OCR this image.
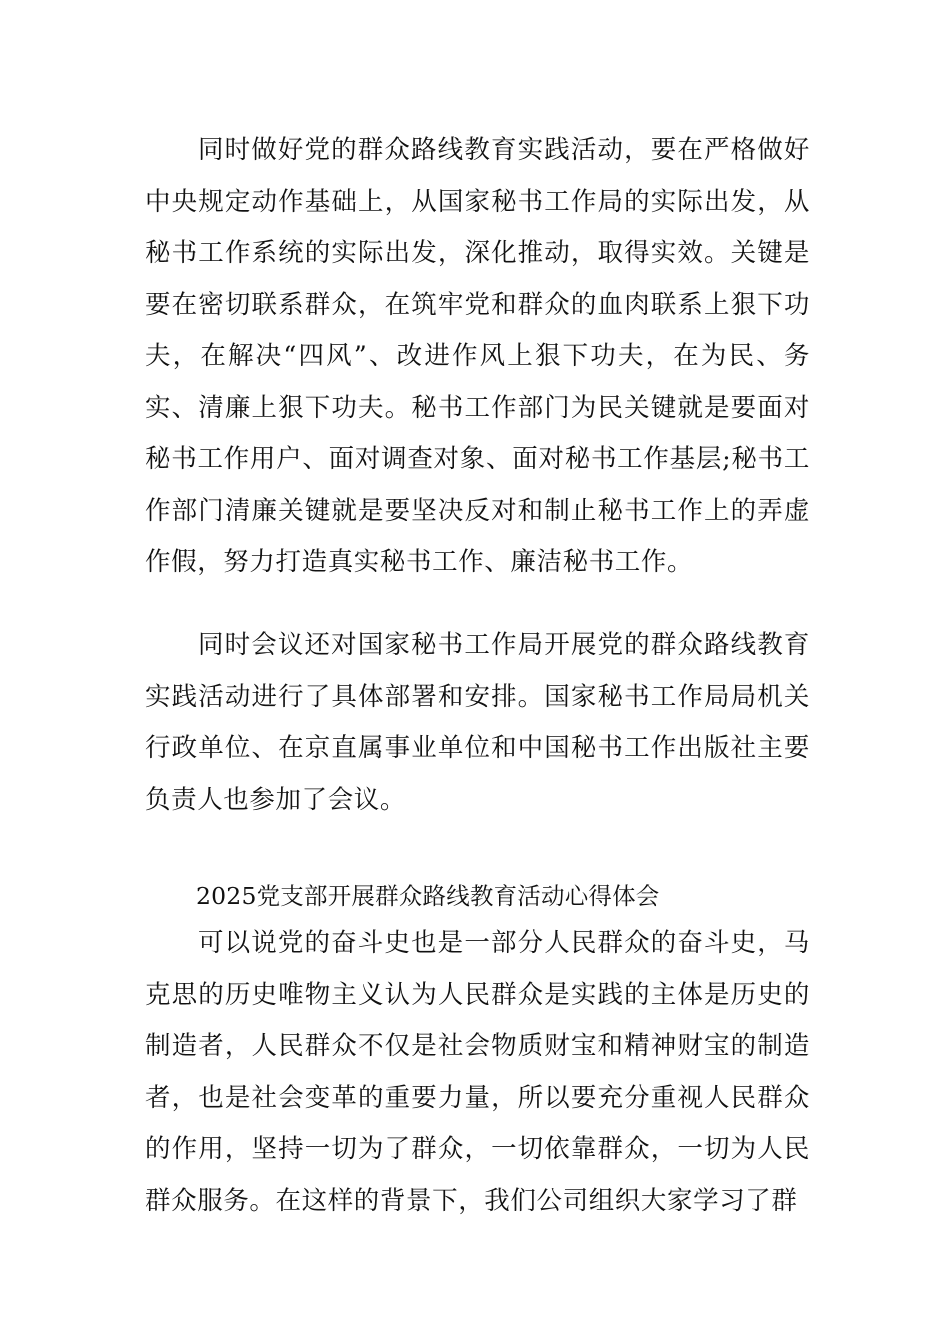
同时做好党的群众路线教育实践活动，要在严格做好中央规定动作基础上，从国家秘书工作局的实际出发，从秘书工作系统的实际出发，深化推动，取得实效。关键是要在密切联系群众，在筑牢党和群众的血肉联系上狠下功夫，在解决“四风”、改进作风上狠下功夫，在为民、务实、清廉上狠下功夫。秘书工作部门为民关键就是要面对秘书工作用户、面对调查对象、面对秘书工作基层;秘书工作部门清廉关键就是要坚决反对和制止秘书工作上的弄虚作假，努力打造真实秘书工作、廉洁秘书工作。

同时会议还对国家秘书工作局开展党的群众路线教育实践活动进行了具体部署和安排。国家秘书工作局局机关行政单位、在京直属事业单位和中国秘书工作出版社主要负责人也参加了会议。

2025党支部开展群众路线教育活动心得体会

可以说党的奋斗史也是一部分人民群众的奋斗史，马克思的历史唯物主义认为人民群众是实践的主体是历史的制造者，人民群众不仅是社会物质财宝和精神财宝的制造者，也是社会变革的重要力量，所以要充分重视人民群众的作用，坚持一切为了群众，一切依靠群众，一切为人民群众服务。在这样的背景下，我们公司组织大家学习了群
